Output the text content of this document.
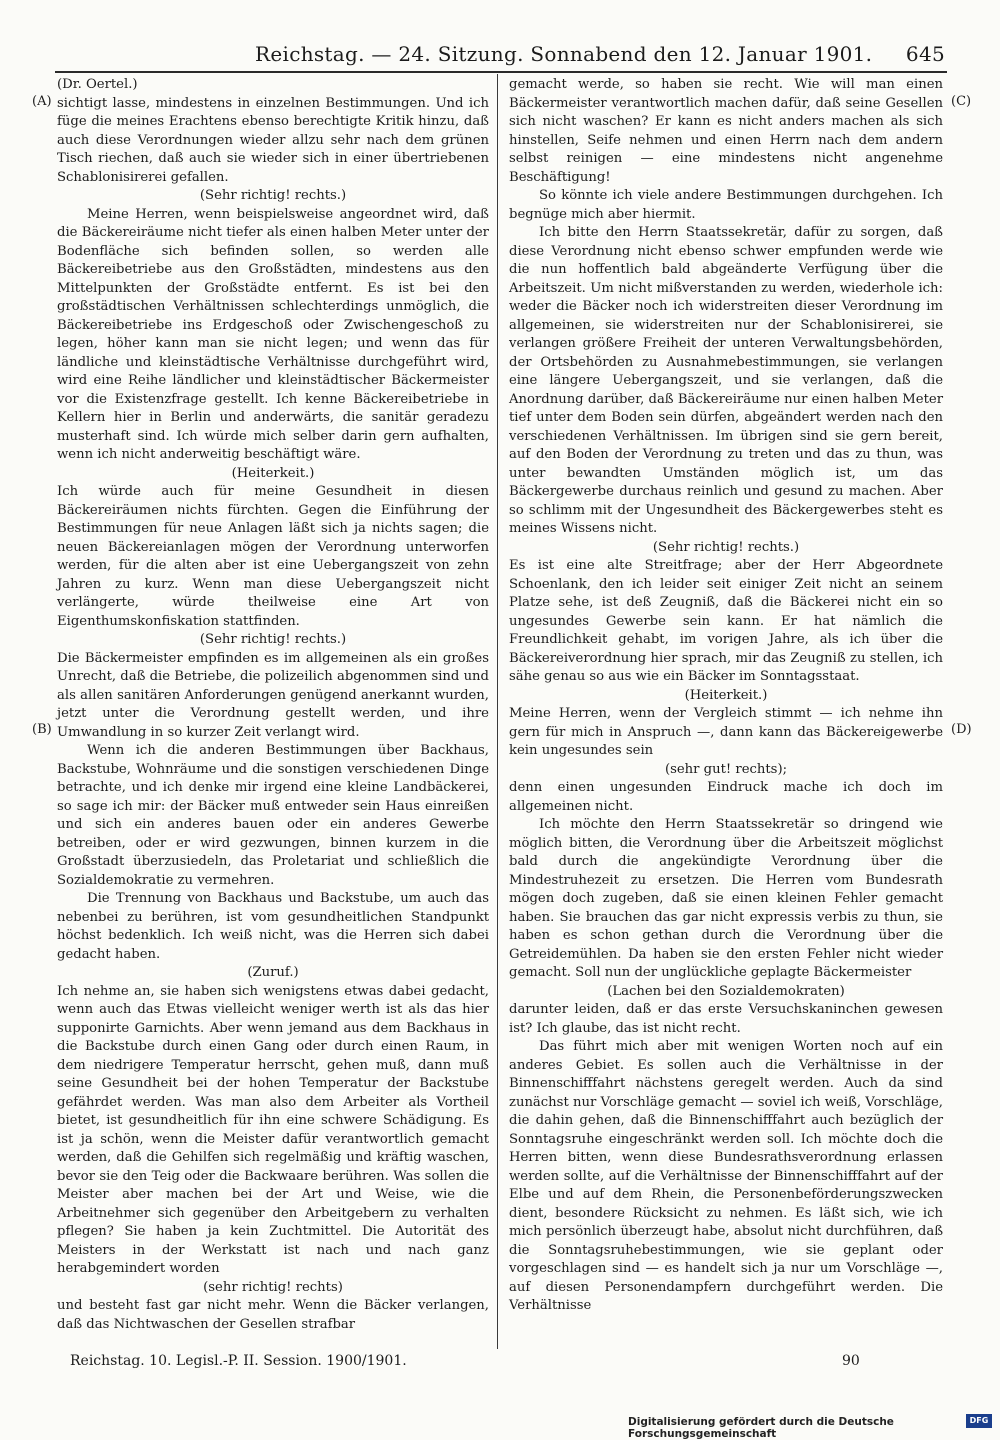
Reichstag. — 24. Sitzung. Sonnabend den 12. Januar 1901. 645
(A)
(B)
(C)
(D)

(Dr. Oertel.)

sichtigt lasse, mindestens in einzelnen Bestimmungen. Und ich füge die meines Erachtens ebenso berechtigte Kritik hinzu, daß auch diese Verordnungen wieder allzu sehr nach dem grünen Tisch riechen, daß auch sie wieder sich in einer übertriebenen Schablonisirerei gefallen.

(Sehr richtig! rechts.)

Meine Herren, wenn beispielsweise angeordnet wird, daß die Bäckereiräume nicht tiefer als einen halben Meter unter der Bodenfläche sich befinden sollen, so werden alle Bäckereibetriebe aus den Großstädten, mindestens aus den Mittelpunkten der Großstädte entfernt. Es ist bei den großstädtischen Verhältnissen schlechterdings unmöglich, die Bäckereibetriebe ins Erdgeschoß oder Zwischengeschoß zu legen, höher kann man sie nicht legen; und wenn das für ländliche und kleinstädtische Verhältnisse durchgeführt wird, wird eine Reihe ländlicher und kleinstädtischer Bäckermeister vor die Existenzfrage gestellt. Ich kenne Bäckereibetriebe in Kellern hier in Berlin und anderwärts, die sanitär geradezu musterhaft sind. Ich würde mich selber darin gern aufhalten, wenn ich nicht anderweitig beschäftigt wäre.

(Heiterkeit.)

Ich würde auch für meine Gesundheit in diesen Bäckereiräumen nichts fürchten. Gegen die Einführung der Bestimmungen für neue Anlagen läßt sich ja nichts sagen; die neuen Bäckereianlagen mögen der Verordnung unterworfen werden, für die alten aber ist eine Uebergangszeit von zehn Jahren zu kurz. Wenn man diese Uebergangszeit nicht verlängerte, würde theilweise eine Art von Eigenthumskonfiskation stattfinden.

(Sehr richtig! rechts.)

Die Bäckermeister empfinden es im allgemeinen als ein großes Unrecht, daß die Betriebe, die polizeilich abgenommen sind und als allen sanitären Anforderungen genügend anerkannt wurden, jetzt unter die Verordnung gestellt werden, und ihre Umwandlung in so kurzer Zeit verlangt wird.

Wenn ich die anderen Bestimmungen über Backhaus, Backstube, Wohnräume und die sonstigen verschiedenen Dinge betrachte, und ich denke mir irgend eine kleine Landbäckerei, so sage ich mir: der Bäcker muß entweder sein Haus einreißen und sich ein anderes bauen oder ein anderes Gewerbe betreiben, oder er wird gezwungen, binnen kurzem in die Großstadt überzusiedeln, das Proletariat und schließlich die Sozialdemokratie zu vermehren.

Die Trennung von Backhaus und Backstube, um auch das nebenbei zu berühren, ist vom gesundheitlichen Standpunkt höchst bedenklich. Ich weiß nicht, was die Herren sich dabei gedacht haben.

(Zuruf.)

Ich nehme an, sie haben sich wenigstens etwas dabei gedacht, wenn auch das Etwas vielleicht weniger werth ist als das hier supponirte Garnichts. Aber wenn jemand aus dem Backhaus in die Backstube durch einen Gang oder durch einen Raum, in dem niedrigere Temperatur herrscht, gehen muß, dann muß seine Gesundheit bei der hohen Temperatur der Backstube gefährdet werden. Was man also dem Arbeiter als Vortheil bietet, ist gesundheitlich für ihn eine schwere Schädigung. Es ist ja schön, wenn die Meister dafür verantwortlich gemacht werden, daß die Gehilfen sich regelmäßig und kräftig waschen, bevor sie den Teig oder die Backwaare berühren. Was sollen die Meister aber machen bei der Art und Weise, wie die Arbeitnehmer sich gegenüber den Arbeitgebern zu verhalten pflegen? Sie haben ja kein Zuchtmittel. Die Autorität des Meisters in der Werkstatt ist nach und nach ganz herabgemindert worden

(sehr richtig! rechts)

und besteht fast gar nicht mehr. Wenn die Bäcker verlangen, daß das Nichtwaschen der Gesellen strafbar

gemacht werde, so haben sie recht. Wie will man einen Bäckermeister verantwortlich machen dafür, daß seine Gesellen sich nicht waschen? Er kann es nicht anders machen als sich hinstellen, Seife nehmen und einen Herrn nach dem andern selbst reinigen — eine mindestens nicht angenehme Beschäftigung!

So könnte ich viele andere Bestimmungen durchgehen. Ich begnüge mich aber hiermit.

Ich bitte den Herrn Staatssekretär, dafür zu sorgen, daß diese Verordnung nicht ebenso schwer empfunden werde wie die nun hoffentlich bald abgeänderte Verfügung über die Arbeitszeit. Um nicht mißverstanden zu werden, wiederhole ich: weder die Bäcker noch ich widerstreiten dieser Verordnung im allgemeinen, sie widerstreiten nur der Schablonisirerei, sie verlangen größere Freiheit der unteren Verwaltungsbehörden, der Ortsbehörden zu Ausnahmebestimmungen, sie verlangen eine längere Uebergangszeit, und sie verlangen, daß die Anordnung darüber, daß Bäckereiräume nur einen halben Meter tief unter dem Boden sein dürfen, abgeändert werden nach den verschiedenen Verhältnissen. Im übrigen sind sie gern bereit, auf den Boden der Verordnung zu treten und das zu thun, was unter bewandten Umständen möglich ist, um das Bäckergewerbe durchaus reinlich und gesund zu machen. Aber so schlimm mit der Ungesundheit des Bäckergewerbes steht es meines Wissens nicht.

(Sehr richtig! rechts.)

Es ist eine alte Streitfrage; aber der Herr Abgeordnete Schoenlank, den ich leider seit einiger Zeit nicht an seinem Platze sehe, ist deß Zeugniß, daß die Bäckerei nicht ein so ungesundes Gewerbe sein kann. Er hat nämlich die Freundlichkeit gehabt, im vorigen Jahre, als ich über die Bäckereiverordnung hier sprach, mir das Zeugniß zu stellen, ich sähe genau so aus wie ein Bäcker im Sonntagsstaat.

(Heiterkeit.)

Meine Herren, wenn der Vergleich stimmt — ich nehme ihn gern für mich in Anspruch —, dann kann das Bäckereigewerbe kein ungesundes sein

(sehr gut! rechts);

denn einen ungesunden Eindruck mache ich doch im allgemeinen nicht.

Ich möchte den Herrn Staatssekretär so dringend wie möglich bitten, die Verordnung über die Arbeitszeit möglichst bald durch die angekündigte Verordnung über die Mindestruhezeit zu ersetzen. Die Herren vom Bundesrath mögen doch zugeben, daß sie einen kleinen Fehler gemacht haben. Sie brauchen das gar nicht expressis verbis zu thun, sie haben es schon gethan durch die Verordnung über die Getreidemühlen. Da haben sie den ersten Fehler nicht wieder gemacht. Soll nun der unglückliche geplagte Bäckermeister

(Lachen bei den Sozialdemokraten)

darunter leiden, daß er das erste Versuchskaninchen gewesen ist? Ich glaube, das ist nicht recht.

Das führt mich aber mit wenigen Worten noch auf ein anderes Gebiet. Es sollen auch die Verhältnisse in der Binnenschifffahrt nächstens geregelt werden. Auch da sind zunächst nur Vorschläge gemacht — soviel ich weiß, Vorschläge, die dahin gehen, daß die Binnenschifffahrt auch bezüglich der Sonntagsruhe eingeschränkt werden soll. Ich möchte doch die Herren bitten, wenn diese Bundesrathsverordnung erlassen werden sollte, auf die Verhältnisse der Binnenschifffahrt auf der Elbe und auf dem Rhein, die Personenbeförderungszwecken dient, besondere Rücksicht zu nehmen. Es läßt sich, wie ich mich persönlich überzeugt habe, absolut nicht durchführen, daß die Sonntagsruhebestimmungen, wie sie geplant oder vorgeschlagen sind — es handelt sich ja nur um Vorschläge —, auf diesen Personendampfern durchgeführt werden. Die Verhältnisse

Reichstag. 10. Legisl.-P. II. Session. 1900/1901.	90
Digitalisierung gefördert durch die Deutsche Forschungsgemeinschaft
DFG
